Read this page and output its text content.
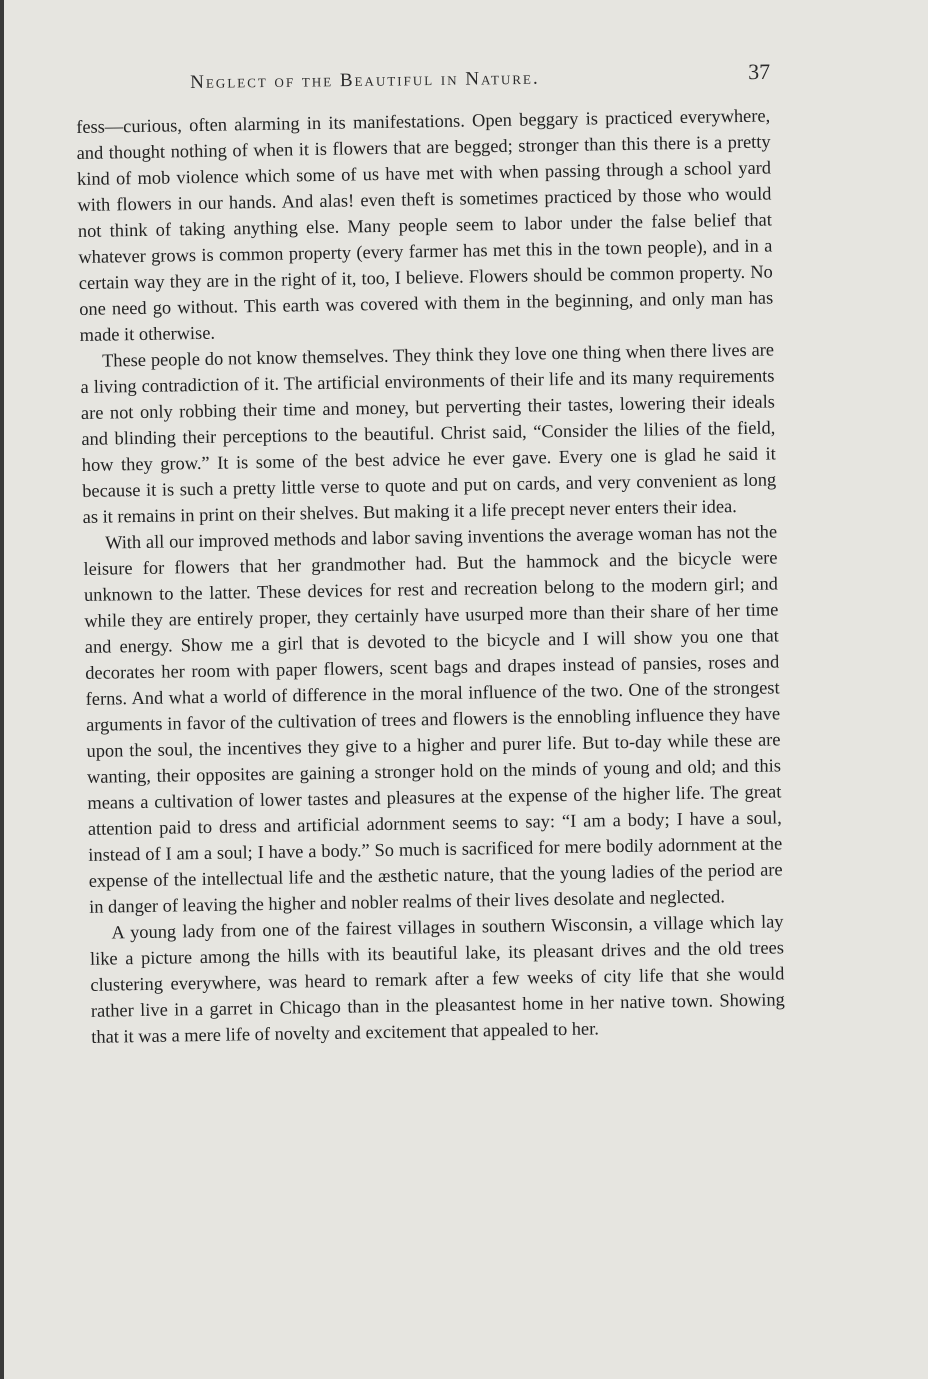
Neglect of the Beautiful in Nature.	37

fess—curious, often alarming in its manifestations. Open beggary is practiced everywhere, and thought nothing of when it is flowers that are begged; stronger than this there is a pretty kind of mob violence which some of us have met with when passing through a school yard with flowers in our hands. And alas! even theft is sometimes practiced by those who would not think of taking anything else. Many people seem to labor under the false belief that whatever grows is common property (every farmer has met this in the town people), and in a certain way they are in the right of it, too, I believe. Flowers should be common property. No one need go without. This earth was covered with them in the beginning, and only man has made it otherwise.

These people do not know themselves. They think they love one thing when there lives are a living contradiction of it. The artificial environments of their life and its many requirements are not only robbing their time and money, but perverting their tastes, lowering their ideals and blinding their perceptions to the beautiful. Christ said, “Consider the lilies of the field, how they grow.” It is some of the best advice he ever gave. Every one is glad he said it because it is such a pretty little verse to quote and put on cards, and very convenient as long as it remains in print on their shelves. But making it a life precept never enters their idea.

With all our improved methods and labor saving inventions the average woman has not the leisure for flowers that her grandmother had. But the hammock and the bicycle were unknown to the latter. These devices for rest and recreation belong to the modern girl; and while they are entirely proper, they certainly have usurped more than their share of her time and energy. Show me a girl that is devoted to the bicycle and I will show you one that decorates her room with paper flowers, scent bags and drapes instead of pansies, roses and ferns. And what a world of difference in the moral influence of the two. One of the strongest arguments in favor of the cultivation of trees and flowers is the ennobling influence they have upon the soul, the incentives they give to a higher and purer life. But to-day while these are wanting, their opposites are gaining a stronger hold on the minds of young and old; and this means a cultivation of lower tastes and pleasures at the expense of the higher life. The great attention paid to dress and artificial adornment seems to say: “I am a body; I have a soul, instead of I am a soul; I have a body.” So much is sacrificed for mere bodily adornment at the expense of the intellectual life and the æsthetic nature, that the young ladies of the period are in danger of leaving the higher and nobler realms of their lives desolate and neglected.

A young lady from one of the fairest villages in southern Wisconsin, a village which lay like a picture among the hills with its beautiful lake, its pleasant drives and the old trees clustering everywhere, was heard to remark after a few weeks of city life that she would rather live in a garret in Chicago than in the pleasantest home in her native town. Showing that it was a mere life of novelty and excitement that appealed to her.
